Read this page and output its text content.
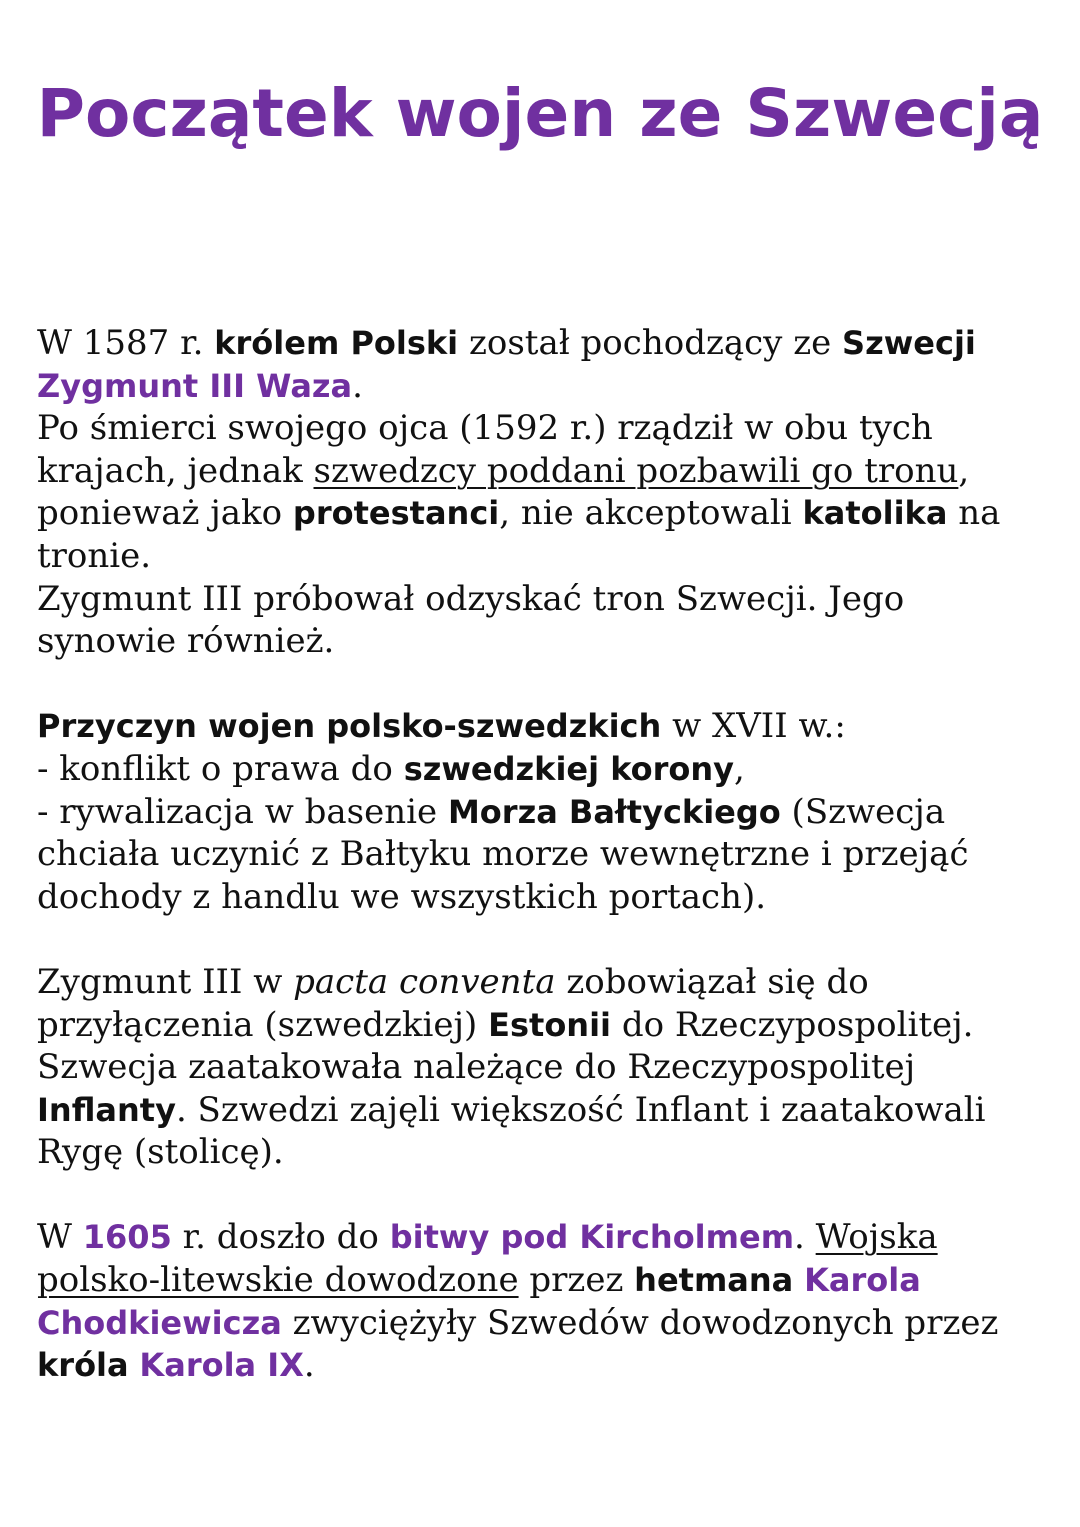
Początek wojen ze Szwecją

W 1587 r. królem Polski został pochodzący ze Szwecji
Zygmunt III Waza.
Po śmierci swojego ojca (1592 r.) rządził w obu tych krajach, jednak szwedzcy poddani pozbawili go tronu, ponieważ jako protestanci, nie akceptowali katolika na tronie.
Zygmunt III próbował odzyskać tron Szwecji. Jego synowie również.

Przyczyn wojen polsko-szwedzkich w XVII w.:
- konflikt o prawa do szwedzkiej korony,
- rywalizacja w basenie Morza Bałtyckiego (Szwecja chciała uczynić z Bałtyku morze wewnętrzne i przejąć dochody z handlu we wszystkich portach).

Zygmunt III w pacta conventa zobowiązał się do przyłączenia (szwedzkiej) Estonii do Rzeczypospolitej.
Szwecja zaatakowała należące do Rzeczypospolitej Inflanty. Szwedzi zajęli większość Inflant i zaatakowali Rygę (stolicę).

W 1605 r. doszło do bitwy pod Kircholmem. Wojska polsko-litewskie dowodzone przez hetmana Karola Chodkiewicza zwyciężyły Szwedów dowodzonych przez króla Karola IX.
